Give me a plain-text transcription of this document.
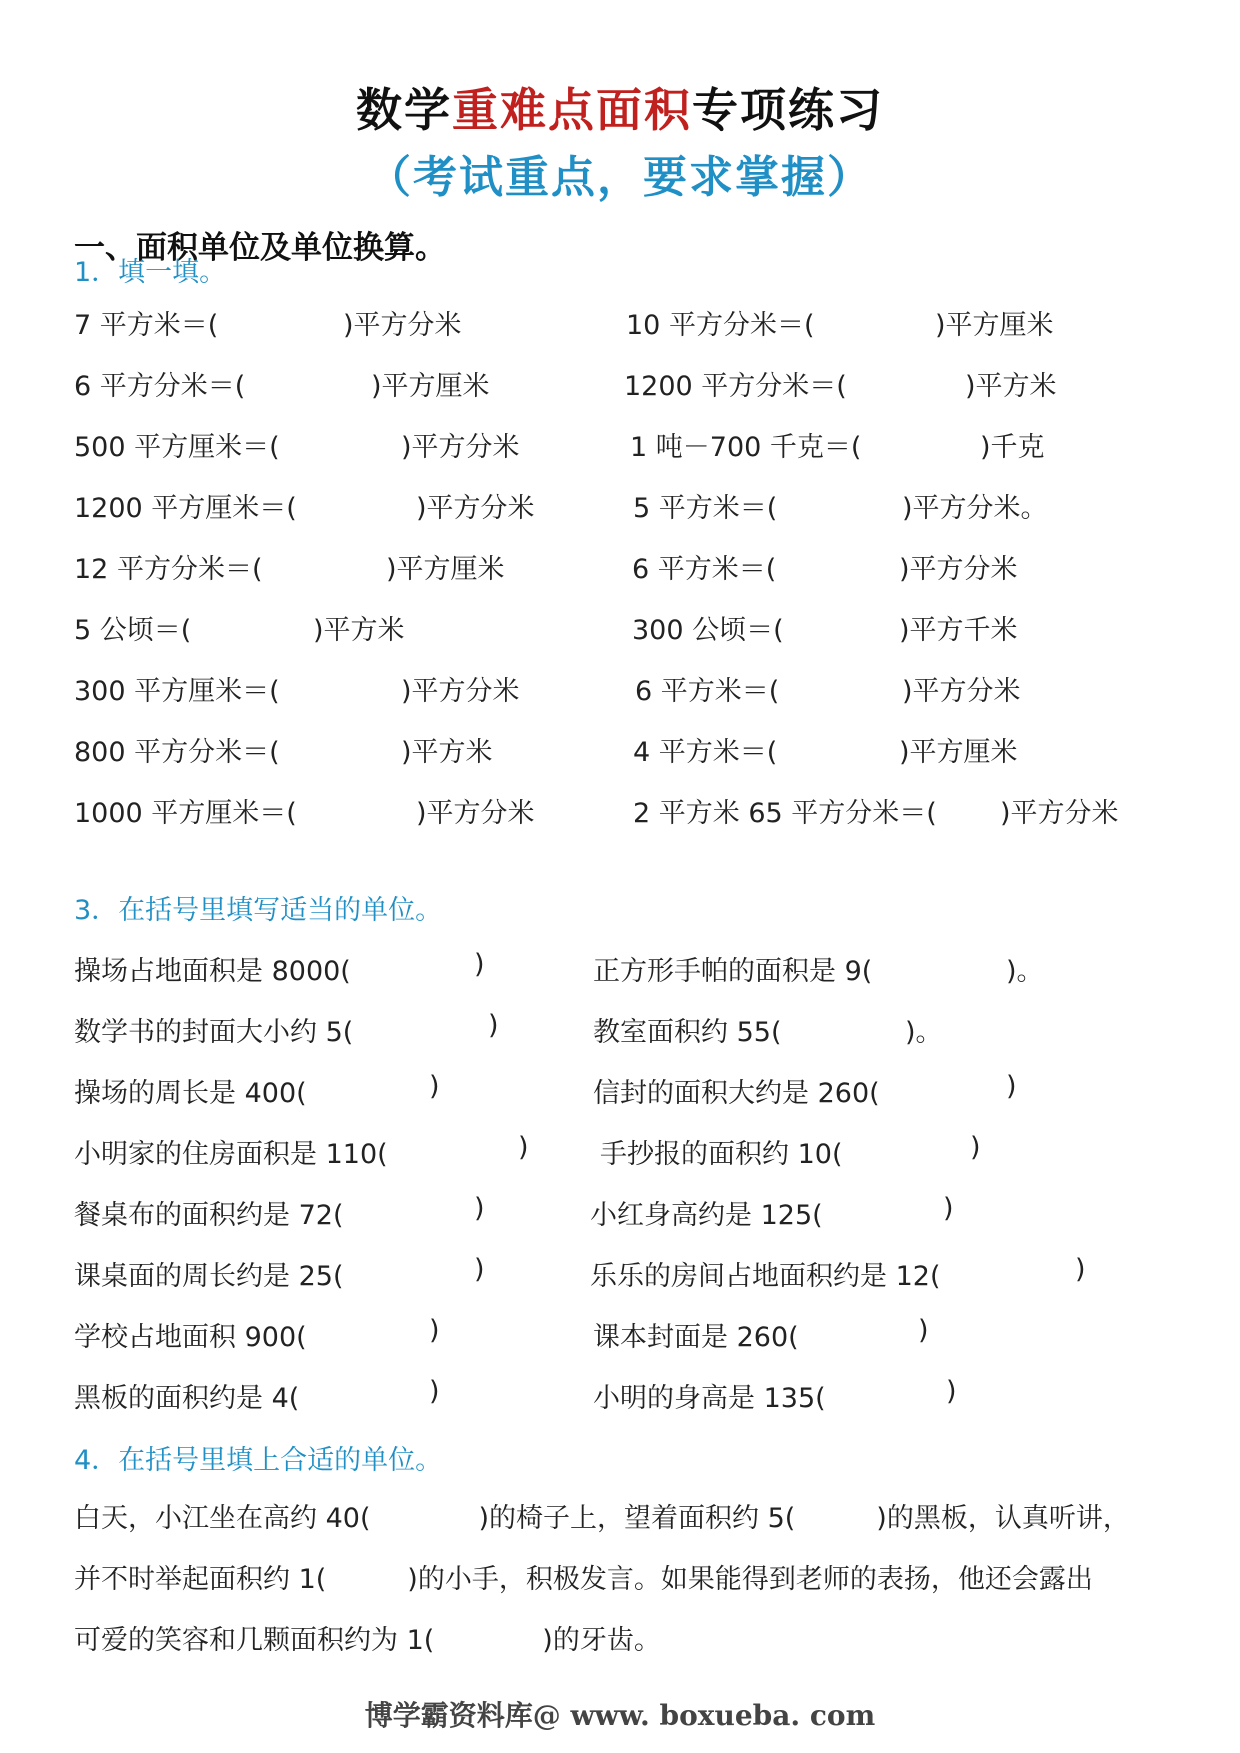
数学重难点面积专项练习
（考试重点，要求掌握）
一、面积单位及单位换算。
1．填一填。
7 平方米＝(	)平方分米	10 平方分米＝(	)平方厘米
6 平方分米＝(	)平方厘米	1200 平方分米＝(	)平方米
500 平方厘米＝(	)平方分米	1 吨－700 千克＝(	)千克
1200 平方厘米＝(	)平方分米	5 平方米＝(	)平方分米。
12 平方分米＝(	)平方厘米	6 平方米＝(	)平方分米
5 公顷＝(	)平方米	300 公顷＝(	)平方千米
300 平方厘米＝(	)平方分米	6 平方米＝(	)平方分米
800 平方分米＝(	)平方米	4 平方米＝(	)平方厘米
1000 平方厘米＝(	)平方分米	2 平方米 65 平方分米＝( )平方分米
3．在括号里填写适当的单位。
操场占地面积是 8000(	)	正方形手帕的面积是 9(	)。
数学书的封面大小约 5(	)	教室面积约 55(	)。
操场的周长是 400(	)	信封的面积大约是 260(	)
小明家的住房面积是 110(	)	手抄报的面积约 10(	)
餐桌布的面积约是 72(	)	小红身高约是 125(	)
课桌面的周长约是 25(	)	乐乐的房间占地面积约是 12(	)
学校占地面积 900(	)	课本封面是 260(	)
黑板的面积约是 4(	)	小明的身高是 135(	)
4．在括号里填上合适的单位。
白天，小江坐在高约 40(　　　　)的椅子上，望着面积约 5(　　　)的黑板，认真听讲，
并不时举起面积约 1(　　　)的小手，积极发言。如果能得到老师的表扬，他还会露出
可爱的笑容和几颗面积约为 1(　　　　)的牙齿。
博学霸资料库@ www. boxueba. com
